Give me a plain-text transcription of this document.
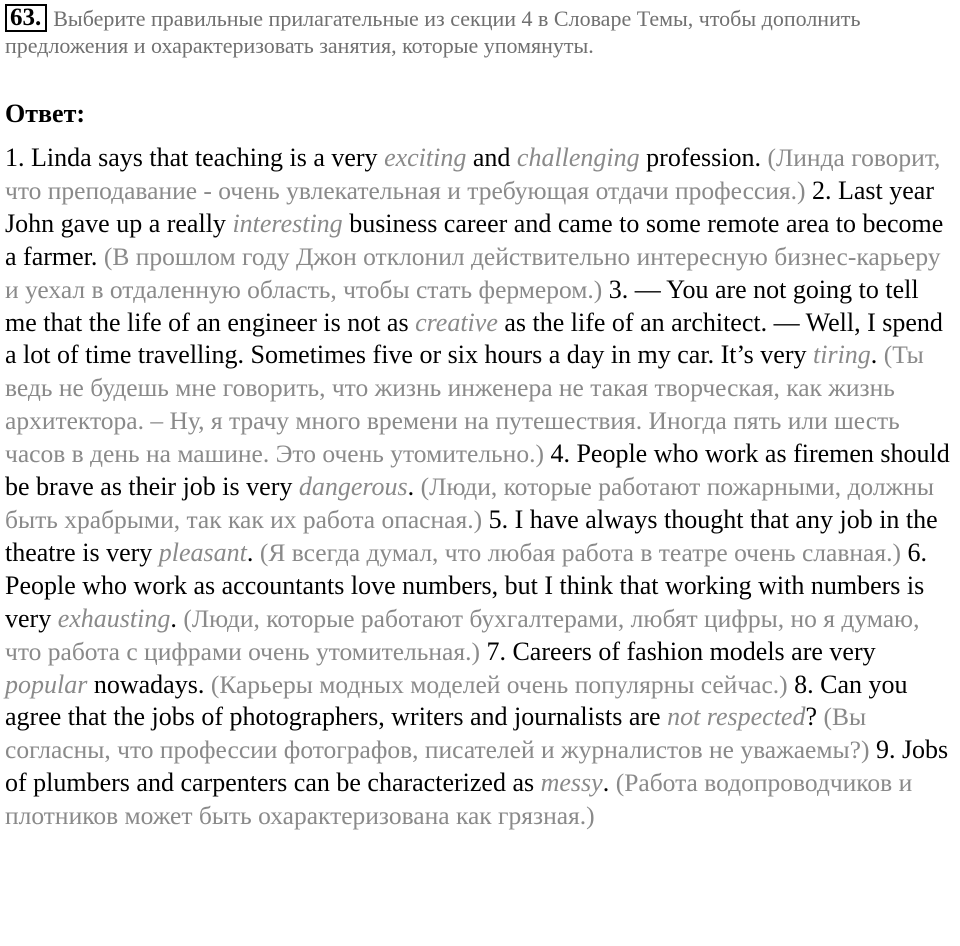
63. Выберите правильные прилагательные из секции 4 в Словаре Темы, чтобы дополнить предложения и охарактеризовать занятия, которые упомянуты.

Ответ:
1. Linda says that teaching is a very exciting and challenging profession. (Линда говорит, что преподавание - очень увлекательная и требующая отдачи профессия.) 2. Last year John gave up a really interesting business career and came to some remote area to become a farmer. (В прошлом году Джон отклонил действительно интересную бизнес-карьеру и уехал в отдаленную область, чтобы стать фермером.) 3. — You are not going to tell me that the life of an engineer is not as creative as the life of an architect. — Well, I spend a lot of time travelling. Sometimes five or six hours a day in my car. It’s very tiring. (Ты ведь не будешь мне говорить, что жизнь инженера не такая творческая, как жизнь архитектора. – Ну, я трачу много времени на путешествия. Иногда пять или шесть часов в день на машине. Это очень утомительно.) 4. People who work as firemen should be brave as their job is very dangerous. (Люди, которые работают пожарными, должны быть храбрыми, так как их работа опасная.) 5. I have always thought that any job in the theatre is very pleasant. (Я всегда думал, что любая работа в театре очень славная.) 6. People who work as accountants love numbers, but I think that working with numbers is very exhausting. (Люди, которые работают бухгалтерами, любят цифры, но я думаю, что работа с цифрами очень утомительная.) 7. Careers of fashion models are very popular nowadays. (Карьеры модных моделей очень популярны сейчас.) 8. Can you agree that the jobs of photographers, writers and journalists are not respected? (Вы согласны, что профессии фотографов, писателей и журналистов не уважаемы?) 9. Jobs of plumbers and carpenters can be characterized as messy. (Работа водопроводчиков и плотников может быть охарактеризована как грязная.)
